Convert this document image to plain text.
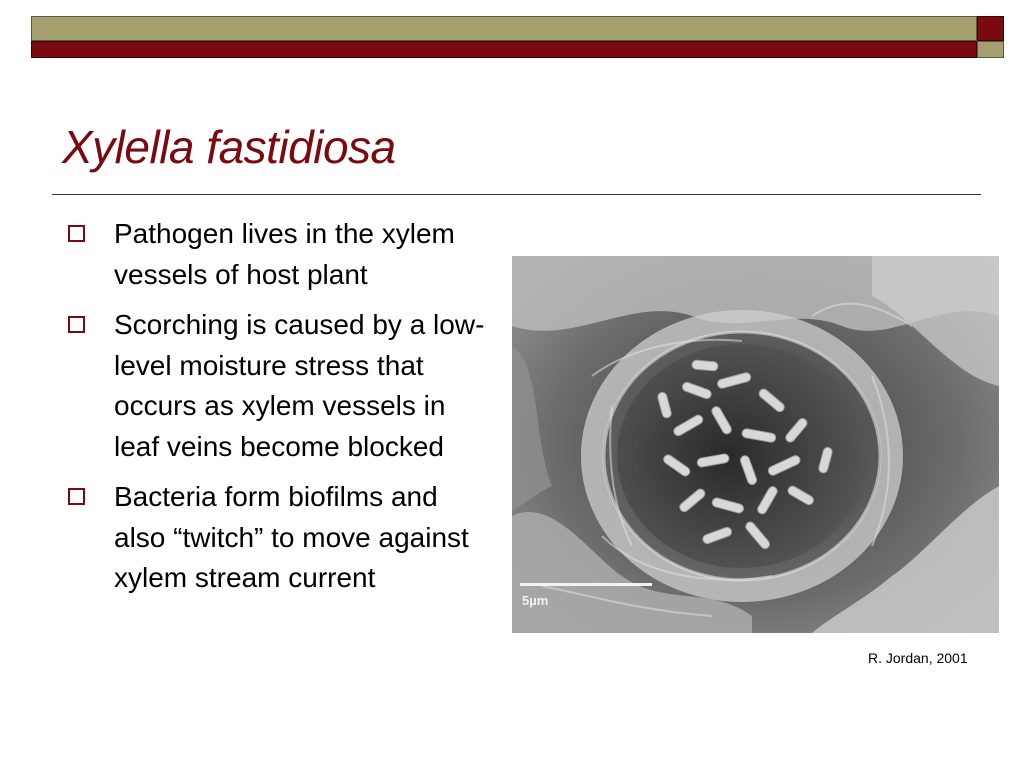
Xylella fastidiosa
Pathogen lives in the xylem vessels of host plant
Scorching is caused by a low-level moisture stress that occurs as xylem vessels in leaf veins become blocked
Bacteria form biofilms and also “twitch” to move against xylem stream current
5µm
R. Jordan, 2001
